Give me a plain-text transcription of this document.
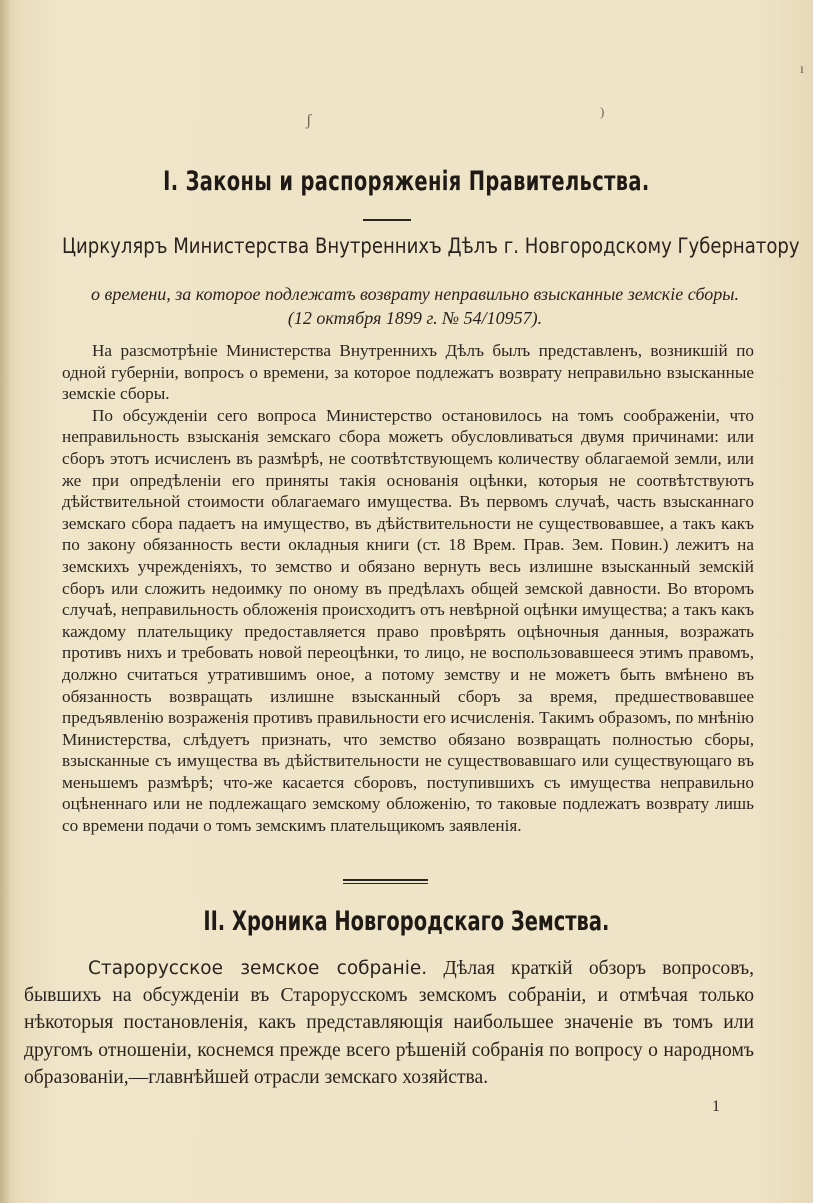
ʃ
)
ı
I. Законы и распоряженія Правительства.
Циркуляръ Министерства Внутреннихъ Дѣлъ г. Новгородскому Губернатору
о времени, за которое подлежатъ возврату неправильно взысканные земскіе сборы.
(12 октября 1899 г. № 54/10957).

На разсмотрѣніе Министерства Внутреннихъ Дѣлъ былъ представленъ, возникшій по одной губерніи, вопросъ о времени, за которое подлежатъ возврату неправильно взысканные земскіе сборы.

По обсужденіи сего вопроса Министерство остановилось на томъ соображеніи, что неправильность взысканія земскаго сбора можетъ обусловливаться двумя причинами: или сборъ этотъ исчисленъ въ размѣрѣ, не соотвѣтствующемъ количеству облагаемой земли, или же при опредѣленіи его приняты такія основанія оцѣнки, которыя не соотвѣтствуютъ дѣйствительной стоимости облагаемаго имущества. Въ первомъ случаѣ, часть взысканнаго земскаго сбора падаетъ на имущество, въ дѣйствительности не существовавшее, а такъ какъ по закону обязанность вести окладныя книги (ст. 18 Врем. Прав. Зем. Повин.) лежитъ на земскихъ учрежденіяхъ, то земство и обязано вернуть весь излишне взысканный земскій сборъ или сложить недоимку по оному въ предѣлахъ общей земской давности. Во второмъ случаѣ, неправильность обложенія происходитъ отъ невѣрной оцѣнки имущества; а такъ какъ каждому плательщику предоставляется право провѣрять оцѣночныя данныя, возражать противъ нихъ и требовать новой переоцѣнки, то лицо, не воспользовавшееся этимъ правомъ, должно считаться утратившимъ оное, а потому земству и не можетъ быть вмѣнено въ обязанность возвращать излишне взысканный сборъ за время, предшествовавшее предъявленію возраженія противъ правильности его исчисленія. Такимъ образомъ, по мнѣнію Министерства, слѣдуетъ признать, что земство обязано возвращать полностью сборы, взысканные съ имущества въ дѣйствительности не существовавшаго или существующаго въ меньшемъ размѣрѣ; что-же касается сборовъ, поступившихъ съ имущества неправильно оцѣненнаго или не подлежащаго земскому обложенію, то таковые подлежатъ возврату лишь со времени подачи о томъ земскимъ плательщикомъ заявленія.

II. Хроника Новгородскаго Земства.

Старорусское земское собраніе. Дѣлая краткій обзоръ вопросовъ, бывшихъ на обсужденіи въ Старорусскомъ земскомъ собраніи, и отмѣчая только нѣкоторыя постановленія, какъ представляющія наибольшее значеніе въ томъ или другомъ отношеніи, коснемся прежде всего рѣшеній собранія по вопросу о народномъ образованіи,—главнѣйшей отрасли земскаго хозяйства.

1
